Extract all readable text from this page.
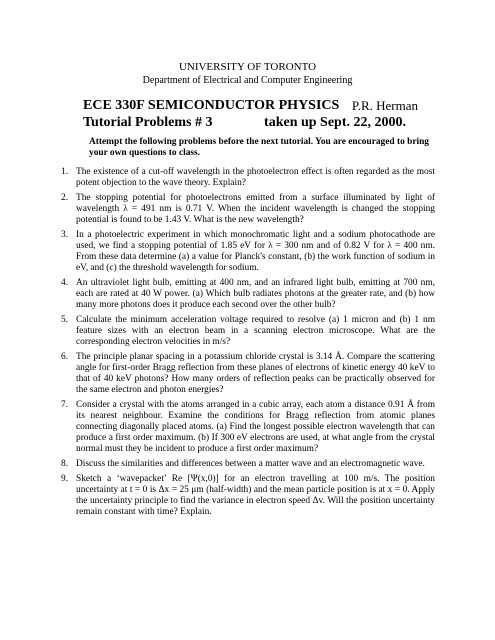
UNIVERSITY OF TORONTO
Department of Electrical and Computer Engineering
ECE 330F SEMICONDUCTOR PHYSICS P.R. Herman
Tutorial Problems # 3	taken up Sept. 22, 2000.
Attempt the following problems before the next tutorial. You are encouraged to bring your own questions to class.
1. The existence of a cut-off wavelength in the photoelectron effect is often regarded as the most potent objection to the wave theory. Explain?
2. The stopping potential for photoelectrons emitted from a surface illuminated by light of wavelength λ = 491 nm is 0.71 V. When the incident wavelength is changed the stopping potential is found to be 1.43 V. What is the new wavelength?
3. In a photoelectric experiment in which monochromatic light and a sodium photocathode are used, we find a stopping potential of 1.85 eV for λ = 300 nm and of 0.82 V for λ = 400 nm. From these data determine (a) a value for Planck's constant, (b) the work function of sodium in eV, and (c) the threshold wavelength for sodium.
4. An ultraviolet light bulb, emitting at 400 nm, and an infrared light bulb, emitting at 700 nm, each are rated at 40 W power. (a) Which bulb radiates photons at the greater rate, and (b) how many more photons does it produce each second over the other bulb?
5. Calculate the minimum acceleration voltage required to resolve (a) 1 micron and (b) 1 nm feature sizes with an electron beam in a scanning electron microscope. What are the corresponding electron velocities in m/s?
6. The principle planar spacing in a potassium chloride crystal is 3.14 Å. Compare the scattering angle for first-order Bragg reflection from these planes of electrons of kinetic energy 40 keV to that of 40 keV photons? How many orders of reflection peaks can be practically observed for the same electron and photon energies?
7. Consider a crystal with the atoms arranged in a cubic array, each atom a distance 0.91 Å from its nearest neighbour. Examine the conditions for Bragg reflection from atomic planes connecting diagonally placed atoms. (a) Find the longest possible electron wavelength that can produce a first order maximum. (b) If 300 eV electrons are used, at what angle from the crystal normal must they be incident to produce a first order maximum?
8. Discuss the similarities and differences between a matter wave and an electromagnetic wave.
9. Sketch a ‘wavepacket’ Re [Ψ(x,0)] for an electron travelling at 100 m/s. The position uncertainty at t = 0 is Δx = 25 μm (half-width) and the mean particle position is at x = 0. Apply the uncertainty principle to find the variance in electron speed Δv. Will the position uncertainty remain constant with time? Explain.
